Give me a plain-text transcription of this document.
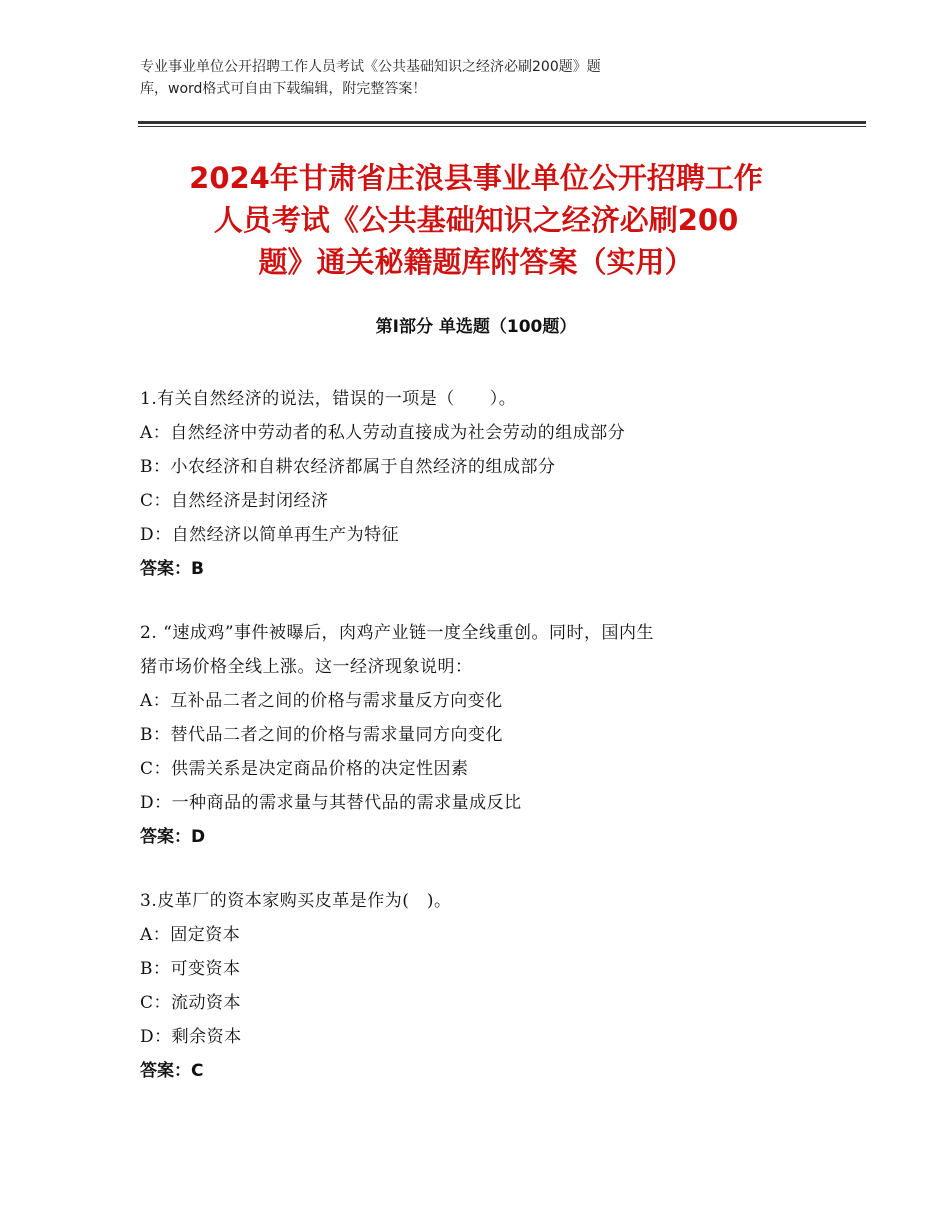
专业事业单位公开招聘工作人员考试《公共基础知识之经济必刷200题》题
库，word格式可自由下载编辑，附完整答案！
2024年甘肃省庄浪县事业单位公开招聘工作
人员考试《公共基础知识之经济必刷200
题》通关秘籍题库附答案（实用）
第Ⅰ部分 单选题（100题）
1.有关自然经济的说法，错误的一项是（　　）。
A：自然经济中劳动者的私人劳动直接成为社会劳动的组成部分
B：小农经济和自耕农经济都属于自然经济的组成部分
C：自然经济是封闭经济
D：自然经济以简单再生产为特征
答案：B
2. “速成鸡”事件被曝后，肉鸡产业链一度全线重创。同时，国内生
猪市场价格全线上涨。这一经济现象说明：
A：互补品二者之间的价格与需求量反方向变化
B：替代品二者之间的价格与需求量同方向变化
C：供需关系是决定商品价格的决定性因素
D：一种商品的需求量与其替代品的需求量成反比
答案：D
3.皮革厂的资本家购买皮革是作为(　)。
A：固定资本
B：可变资本
C：流动资本
D：剩余资本
答案：C
